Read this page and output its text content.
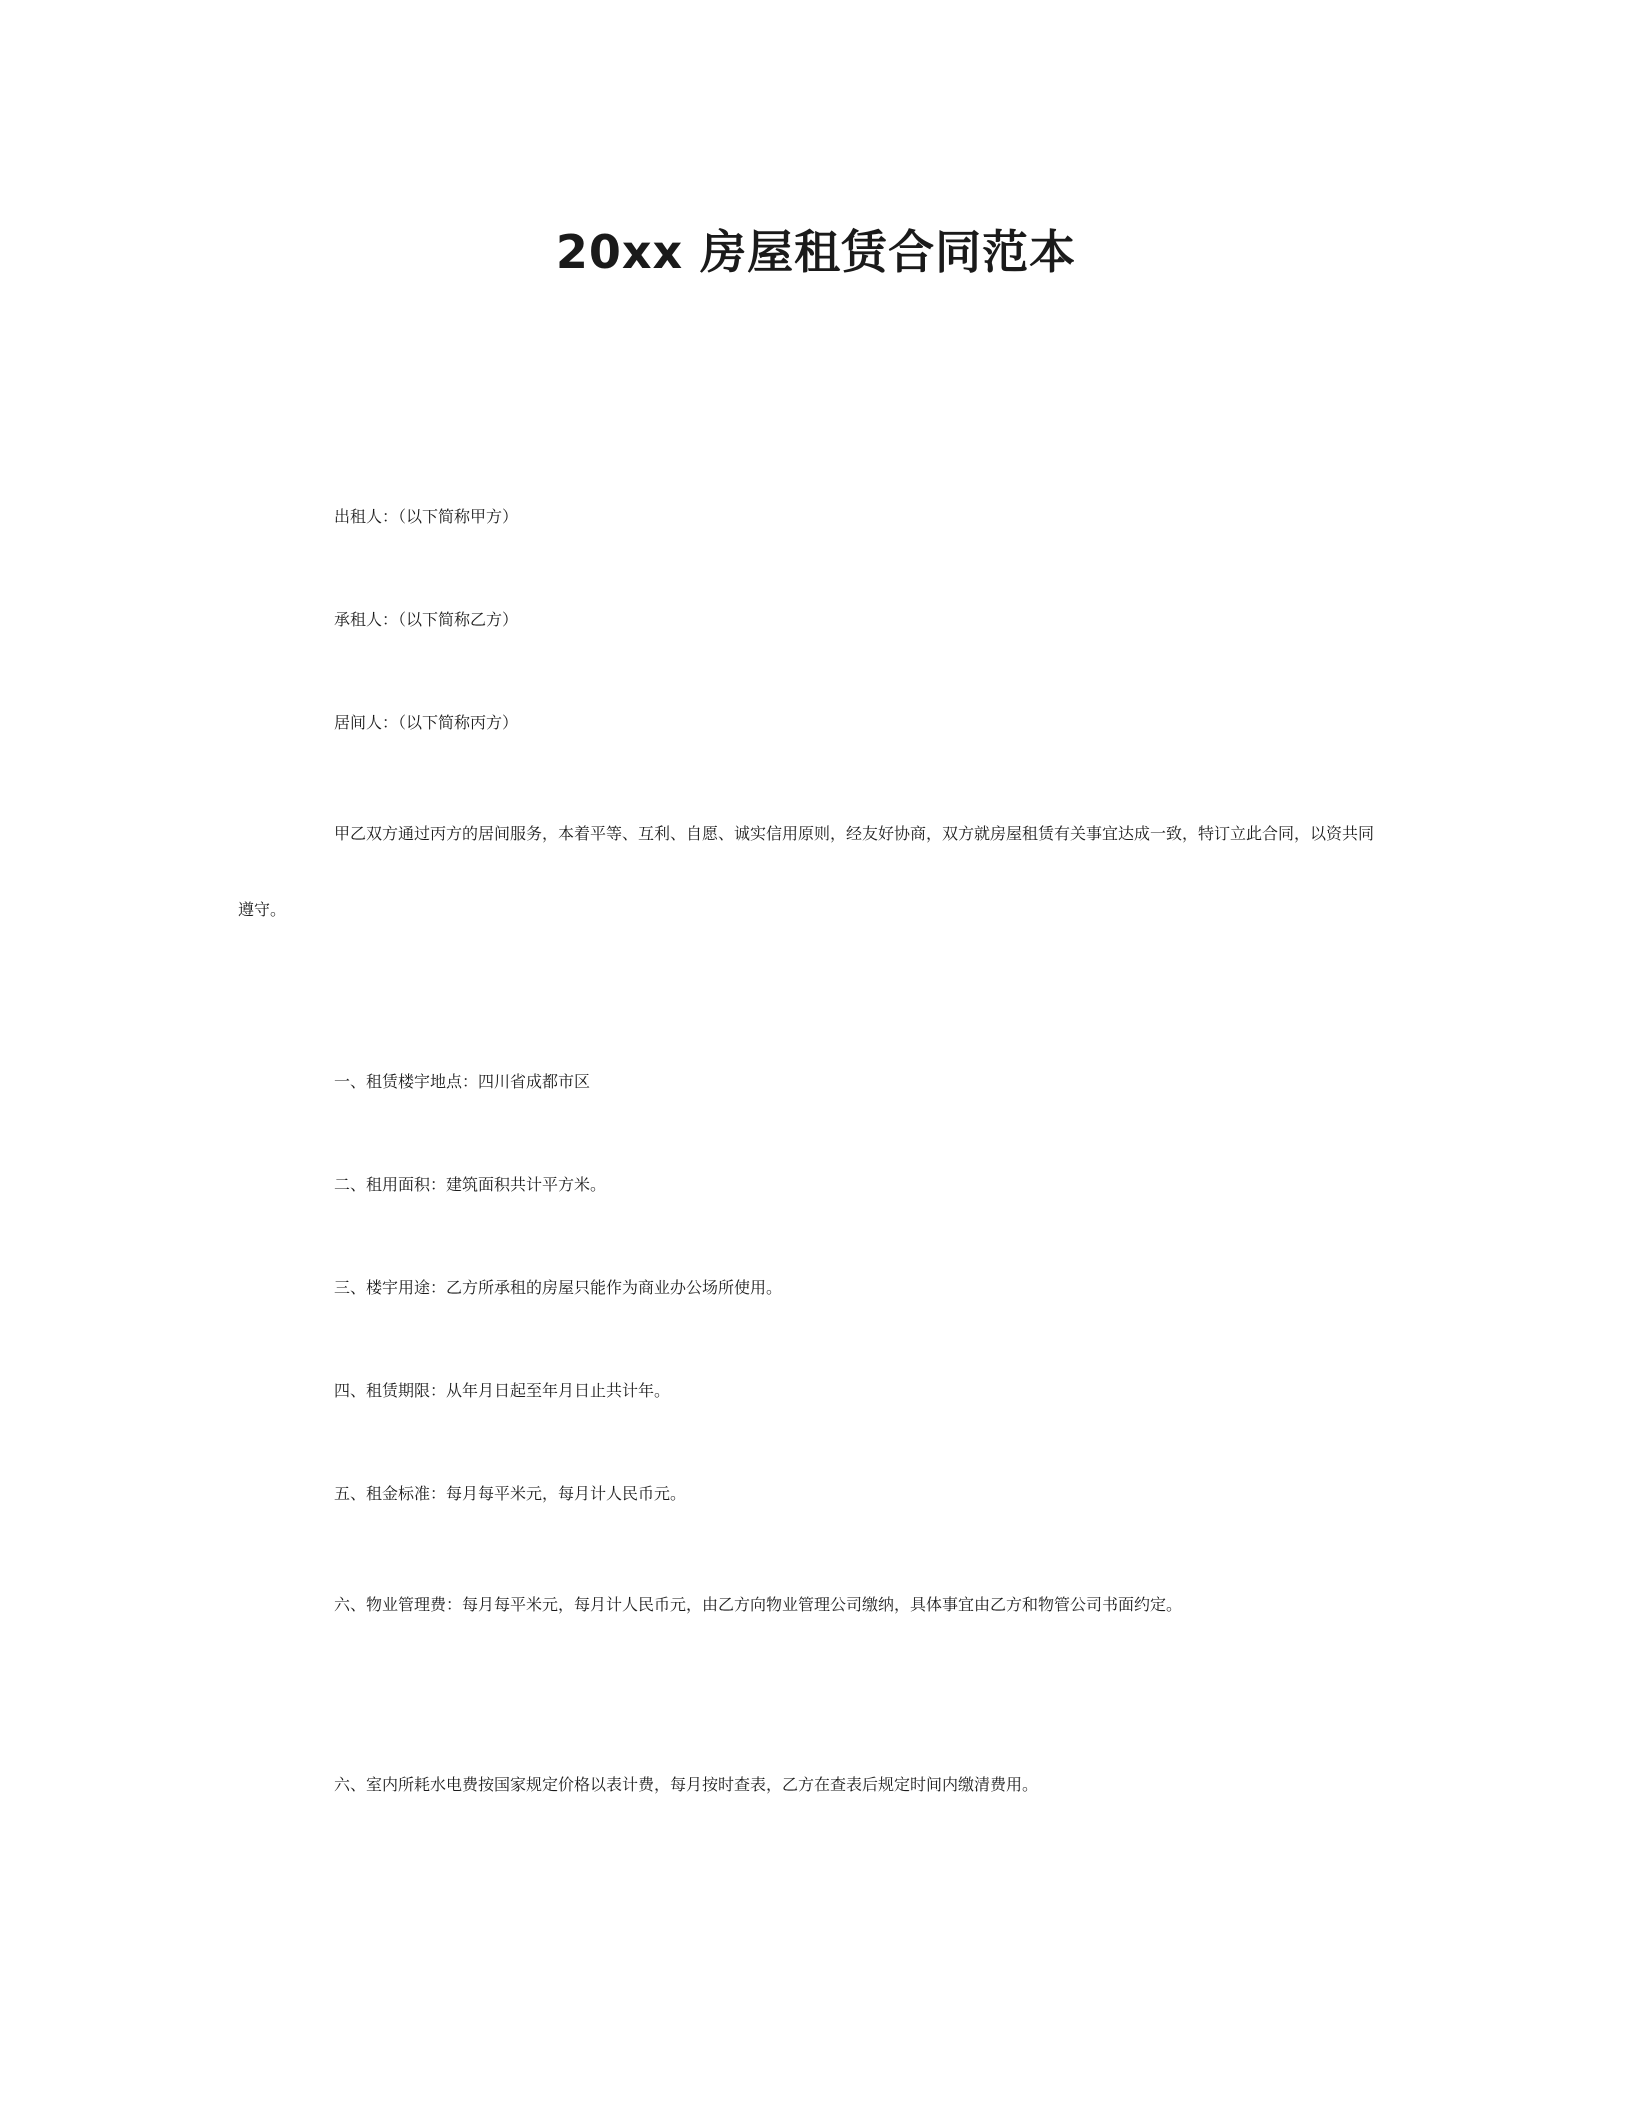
20xx 房屋租赁合同范本

出租人：（以下简称甲方）

承租人：（以下简称乙方）

居间人：（以下简称丙方）

甲乙双方通过丙方的居间服务，本着平等、互利、自愿、诚实信用原则，经友好协商，双方就房屋租赁有关事宜达成一致，特订立此合同，以资共同遵守。

一、租赁楼宇地点：四川省成都市区

二、租用面积：建筑面积共计平方米。

三、楼宇用途：乙方所承租的房屋只能作为商业办公场所使用。

四、租赁期限：从年月日起至年月日止共计年。

五、租金标准：每月每平米元，每月计人民币元。

六、物业管理费：每月每平米元，每月计人民币元，由乙方向物业管理公司缴纳，具体事宜由乙方和物管公司书面约定。

六、室内所耗水电费按国家规定价格以表计费，每月按时查表，乙方在查表后规定时间内缴清费用。
